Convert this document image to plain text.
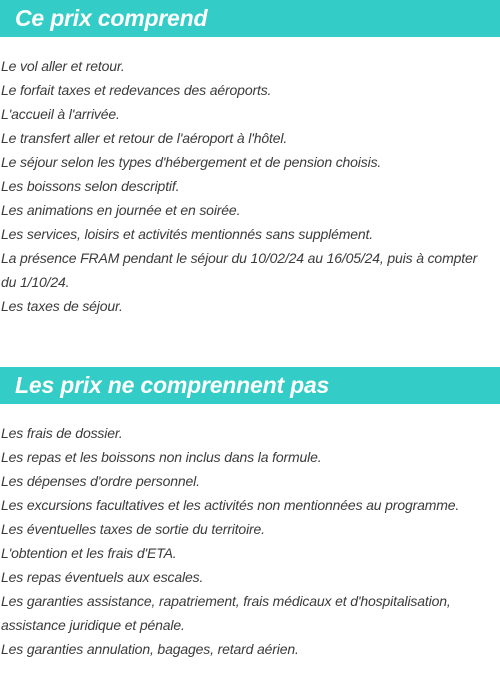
Ce prix comprend
Le vol aller et retour.
Le forfait taxes et redevances des aéroports.
L'accueil à l'arrivée.
Le transfert aller et retour de l'aéroport à l'hôtel.
Le séjour selon les types d'hébergement et de pension choisis.
Les boissons selon descriptif.
Les animations en journée et en soirée.
Les services, loisirs et activités mentionnés sans supplément.
La présence FRAM pendant le séjour du 10/02/24 au 16/05/24, puis à compter du 1/10/24.
Les taxes de séjour.
Les prix ne comprennent pas
Les frais de dossier.
Les repas et les boissons non inclus dans la formule.
Les dépenses d'ordre personnel.
Les excursions facultatives et les activités non mentionnées au programme.
Les éventuelles taxes de sortie du territoire.
L'obtention et les frais d'ETA.
Les repas éventuels aux escales.
Les garanties assistance, rapatriement, frais médicaux et d'hospitalisation, assistance juridique et pénale.
Les garanties annulation, bagages, retard aérien.
